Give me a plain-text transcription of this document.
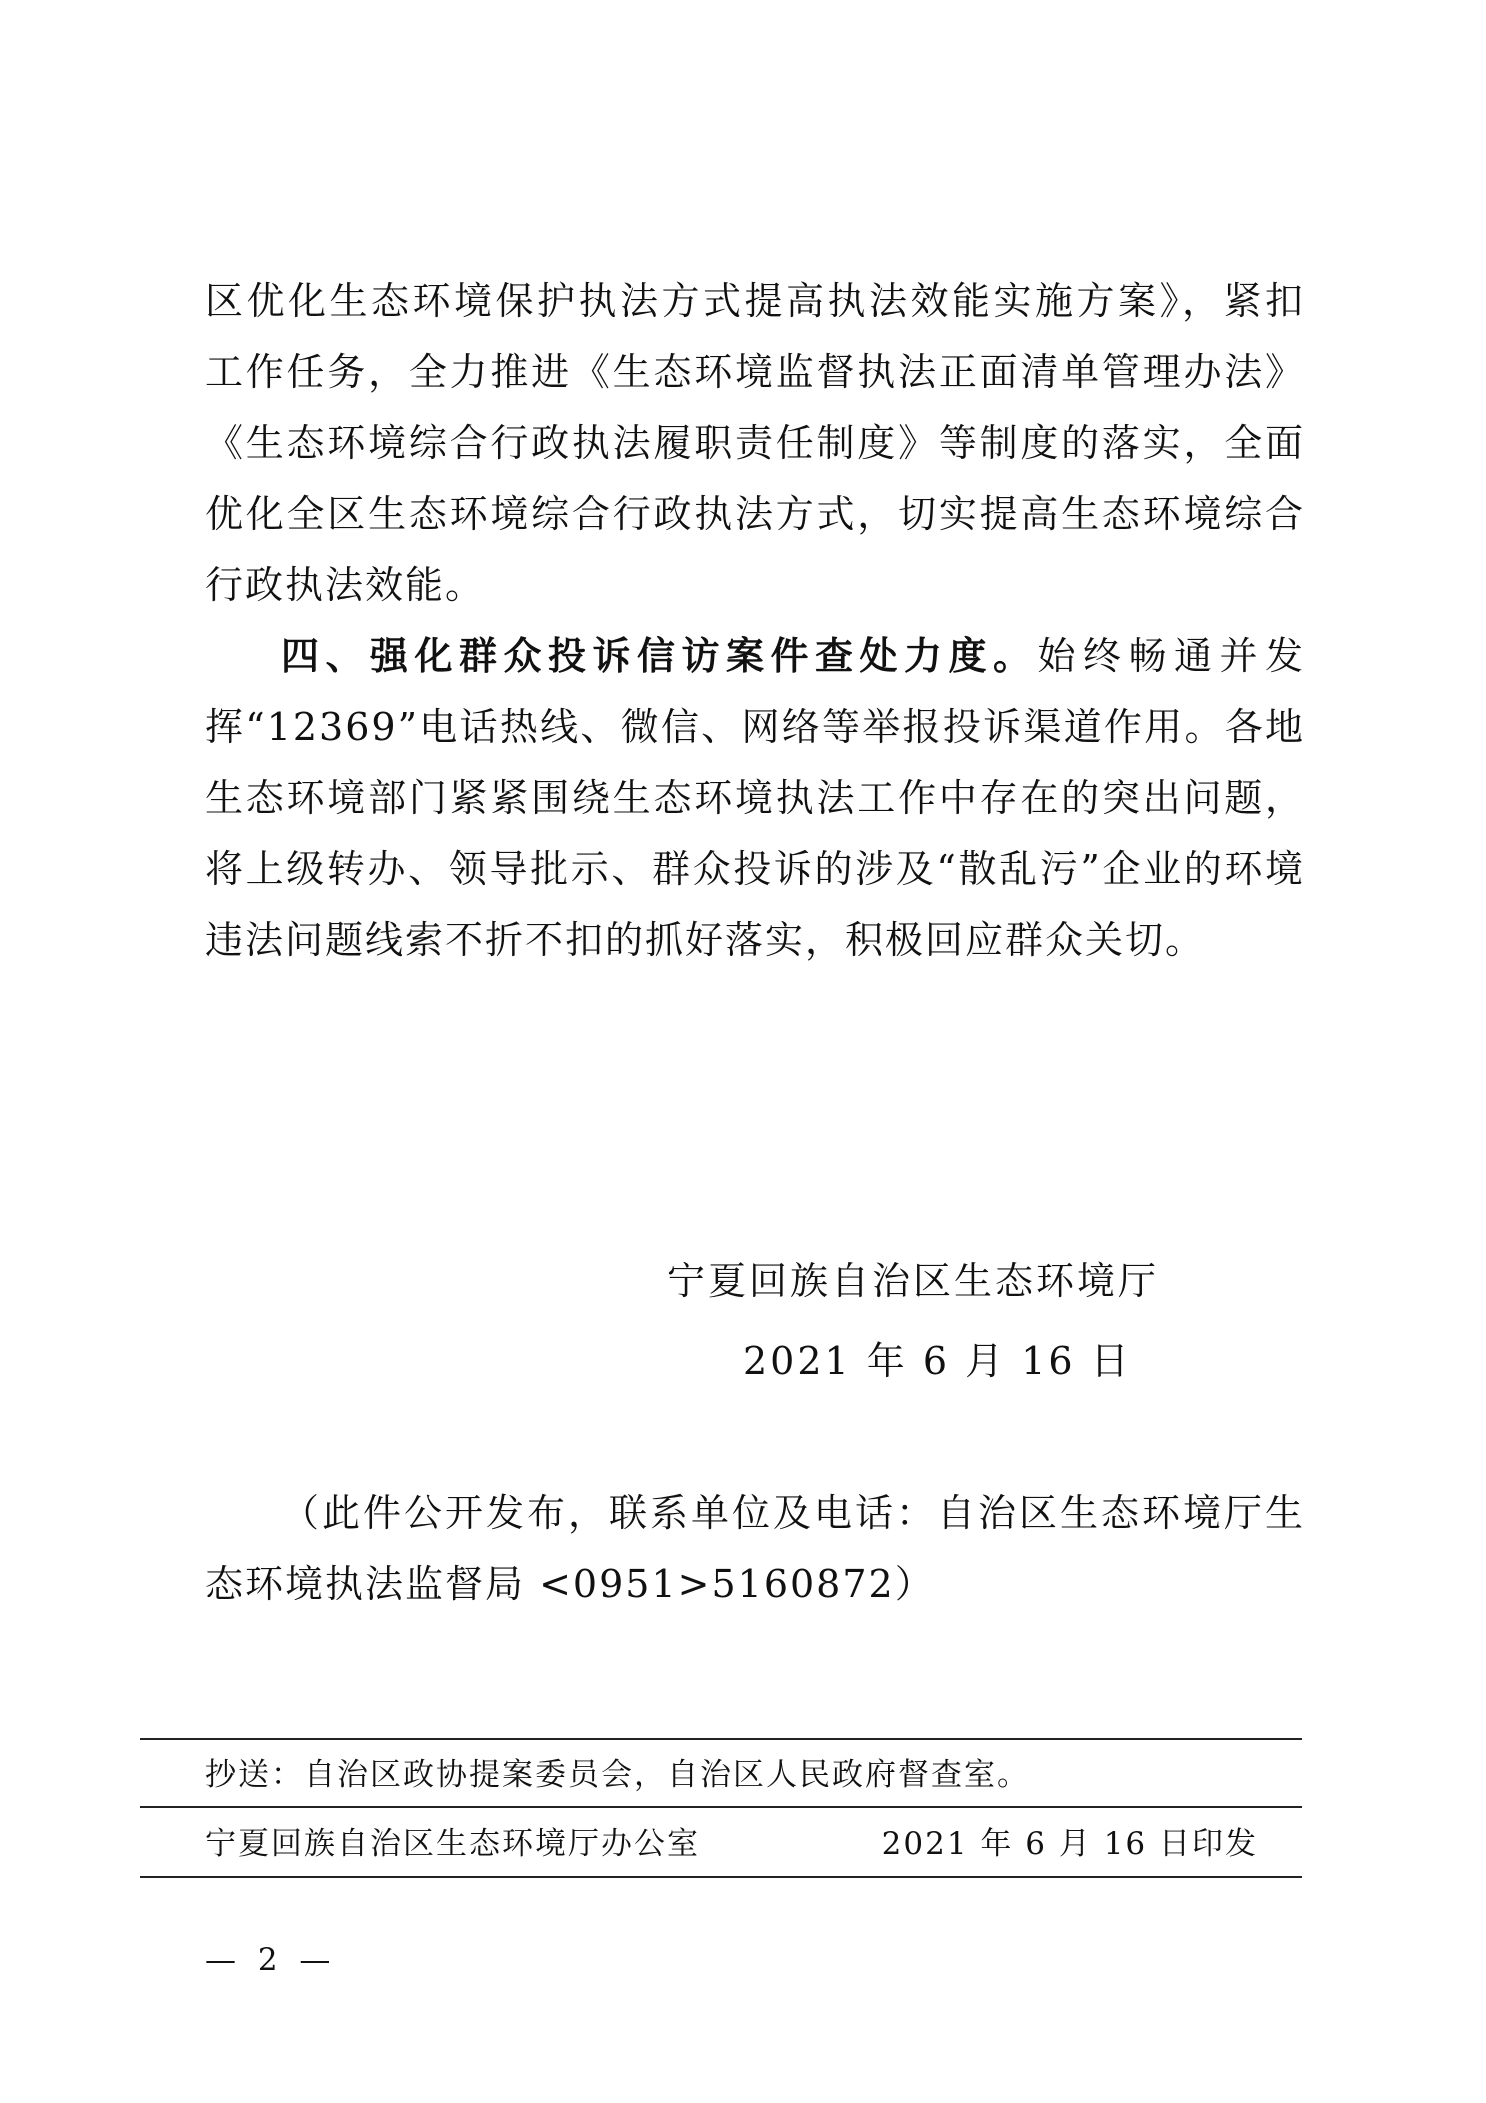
区优化生态环境保护执法方式提高执法效能实施方案》，紧扣工作任务，全力推进《生态环境监督执法正面清单管理办法》《生态环境综合行政执法履职责任制度》等制度的落实，全面优化全区生态环境综合行政执法方式，切实提高生态环境综合行政执法效能。

四、强化群众投诉信访案件查处力度。始终畅通并发挥“12369”电话热线、微信、网络等举报投诉渠道作用。各地生态环境部门紧紧围绕生态环境执法工作中存在的突出问题，将上级转办、领导批示、群众投诉的涉及“散乱污”企业的环境违法问题线索不折不扣的抓好落实，积极回应群众关切。

宁夏回族自治区生态环境厅
2021 年 6 月 16 日

（此件公开发布，联系单位及电话：自治区生态环境厅生态环境执法监督局 <0951>5160872）

抄送：自治区政协提案委员会，自治区人民政府督查室。
宁夏回族自治区生态环境厅办公室	2021 年 6 月 16 日印发
— 2 —
